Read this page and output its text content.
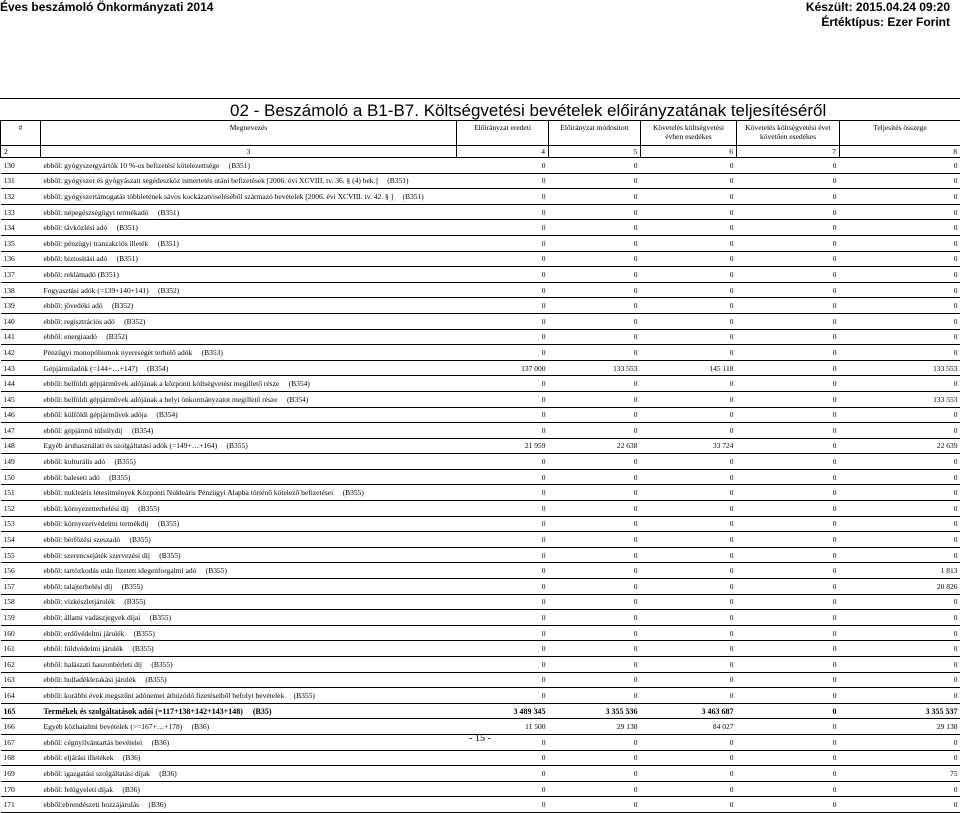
Éves beszámoló Önkormányzati 2014	Készült: 2015.04.24 09:20
Értéktípus: Ezer Forint
02 - Beszámoló a B1-B7. Költségvetési bevételek előirányzatának teljesítéséről
#	Megnevezés	Előirányzat eredeti	Előirányzat módosított	Követelés költségvetési évben esedékes	Követelés költségvetési évet követően esedékes	Teljesítés összege
2	3	4	5	6	7	8
130	ebből: gyógyszergyártók 10 %-os befizetési kötelezettsége     (B351)	0	0	0	0	0
131	ebből: gyógyszer és gyógyászati segédeszköz ismertetés utáni befizetések [2006. évi XCVIII. tv. 36. § (4) bek.]     (B351)	0	0	0	0	0
132	ebből: gyógyszertámogatás többletének sávos kockázatviseléséből származó bevételek [2006. évi XCVIII. tv. 42. § ]     (B351)	0	0	0	0	0
133	ebből: népegészségügyi termékadó     (B351)	0	0	0	0	0
134	ebből: távközlési adó     (B351)	0	0	0	0	0
135	ebből: pénzügyi tranzakciós illeték     (B351)	0	0	0	0	0
136	ebből: biztosítási adó     (B351)	0	0	0	0	0
137	ebből: reklámadó (B351)	0	0	0	0	0
138	Fogyasztási adók (=139+140+141)     (B352)	0	0	0	0	0
139	ebből: jövedéki adó     (B352)	0	0	0	0	0
140	ebből: regisztrációs adó     (B352)	0	0	0	0	0
141	ebből: energiaadó     (B352)	0	0	0	0	0
142	Pénzügyi monopóliumok nyereségét terhelő adók     (B353)	0	0	0	0	0
143	Gépjárműadók (=144+…+147)     (B354)	137 000	133 553	145 118	0	133 553
144	ebből: belföldi gépjárművek adójának a központi költségvetést megillető része     (B354)	0	0	0	0	0
145	ebből: belföldi gépjárművek adójának a helyi önkormányzatot megillető része     (B354)	0	0	0	0	133 553
146	ebből: külföldi gépjárművek adója     (B354)	0	0	0	0	0
147	ebből: gépjármű túlsúlydíj     (B354)	0	0	0	0	0
148	Egyéb áruhasználati és szolgáltatási adók (=149+…+164)     (B355)	21 959	22 638	33 724	0	22 639
149	ebből: kulturális adó     (B355)	0	0	0	0	0
150	ebből: baleseti adó     (B355)	0	0	0	0	0
151	ebből: nukleáris létesítmények Központi Nukleáris Pénzügyi Alapba történő kötelező befizetései     (B355)	0	0	0	0	0
152	ebből: környezetterhelési díj     (B355)	0	0	0	0	0
153	ebből: környezetvédelmi termékdíj     (B355)	0	0	0	0	0
154	ebből: bérfőzési szeszadó     (B355)	0	0	0	0	0
155	ebből: szerencsejáték szervezési díj     (B355)	0	0	0	0	0
156	ebből: tartózkodás után fizetett idegenforgalmi adó     (B355)	0	0	0	0	1 813
157	ebből: talajterhelési díj     (B355)	0	0	0	0	20 826
158	ebből: vízkészletjárulék     (B355)	0	0	0	0	0
159	ebből: állami vadászjegyek díjai     (B355)	0	0	0	0	0
160	ebből: erdővédelmi járulék     (B355)	0	0	0	0	0
161	ebből: földvédelmi járulék     (B355)	0	0	0	0	0
162	ebből: halászati haszonbérleti díj     (B355)	0	0	0	0	0
163	ebből: hulladéklerakási járulék     (B355)	0	0	0	0	0
164	ebből: korábbi évek megszűnt adónemei áthúzódó fizetéseiből befolyt bevételek     (B355)	0	0	0	0	0
165	Termékek és szolgáltatások adói (=117+138+142+143+148)     (B35)	3 489 345	3 355 536	3 463 687	0	3 355 537
166	Egyéb közhatalmi bevételek (>=167+…+178)     (B36)	11 500	29 138	84 027	0	29 138
167	ebből: cégnyilvántartás bevételei     (B36)	0	0	0	0	0
168	ebből: eljárási illetékek     (B36)	0	0	0	0	0
169	ebből: igazgatási szolgáltatási díjak     (B36)	0	0	0	0	75
170	ebből: felügyeleti díjak     (B36)	0	0	0	0	0
171	ebből:ebrendészeti hozzájárulás     (B36)	0	0	0	0	0
- 15 -
